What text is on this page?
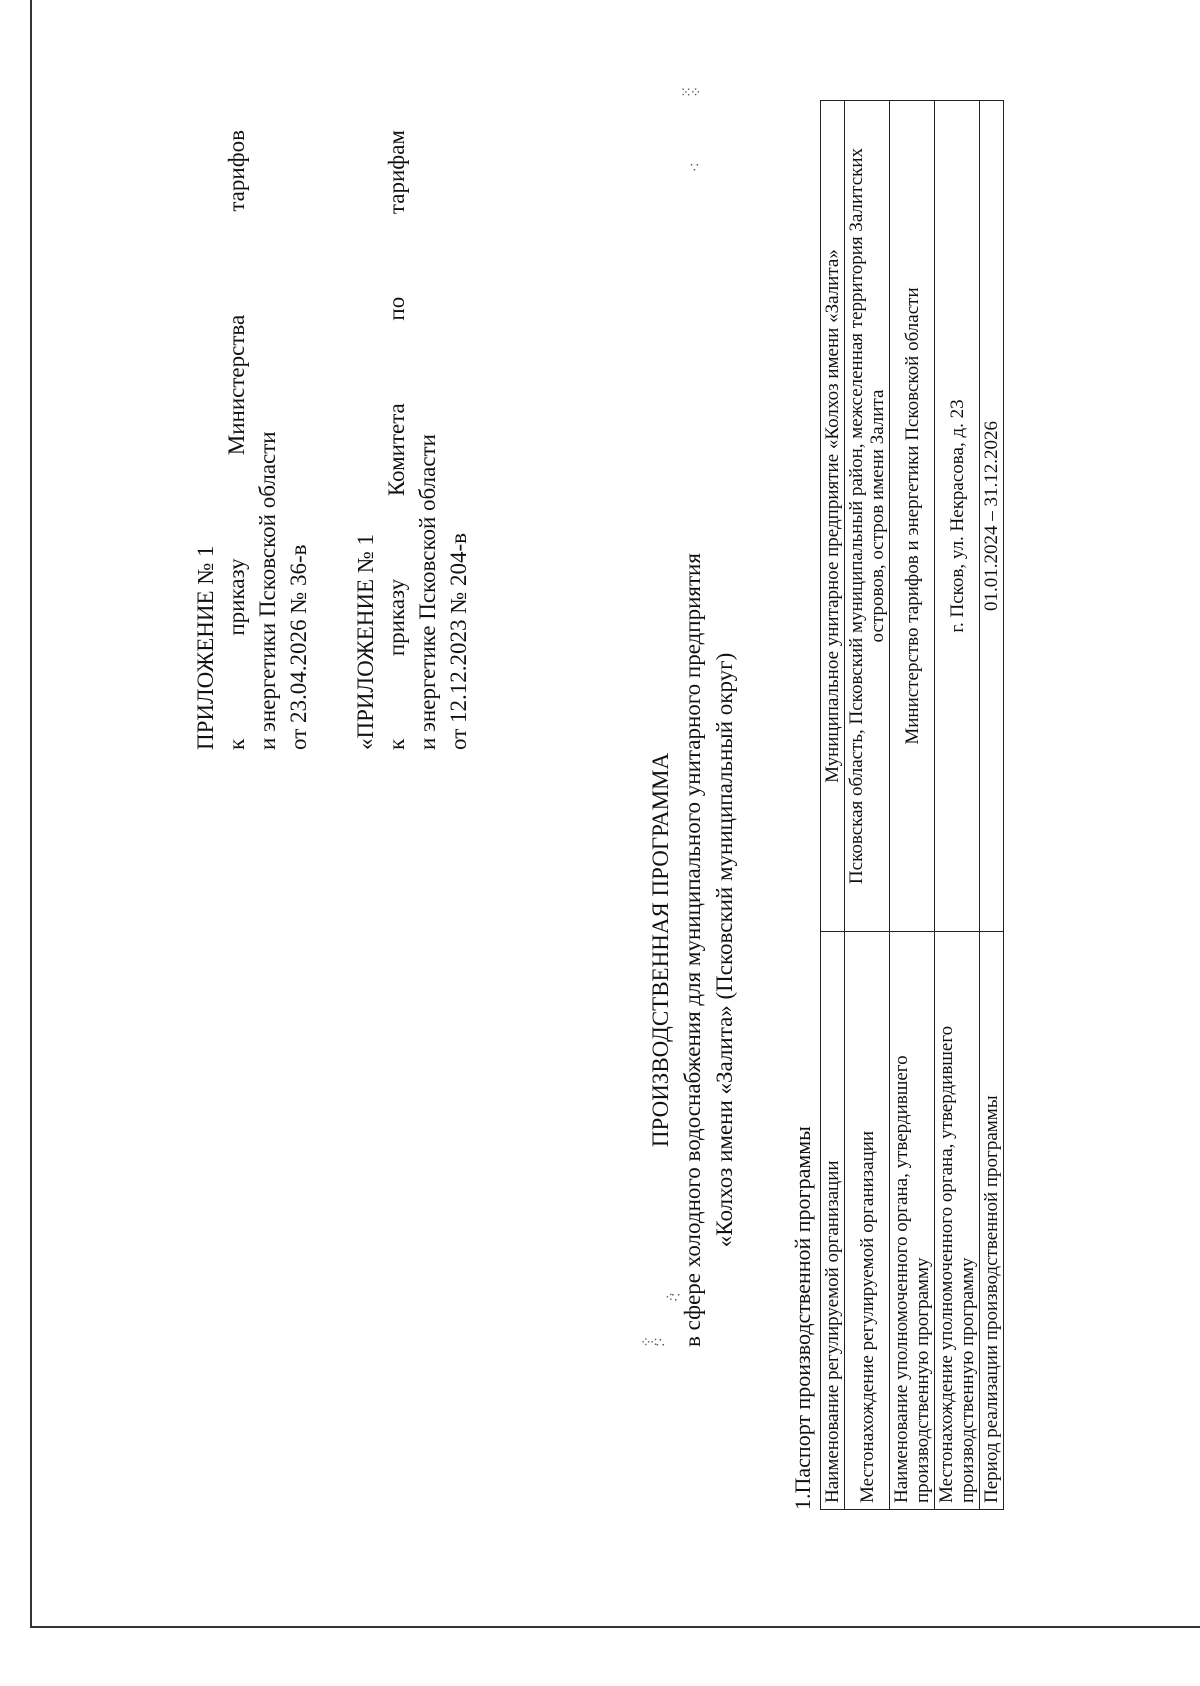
ПРИЛОЖЕНИЕ № 1 к
приказу
Министерства
тарифов
и энергетики Псковской области от 23.04.2026 № 36-в «ПРИЛОЖЕНИЕ № 1 к
приказу
Комитета
по
тарифам
и энергетике Псковской области от 12.12.2023 № 204-в
ПРОИЗВОДСТВЕННАЯ ПРОГРАММА в сфере холодного водоснабжения для муниципального унитарного предприятия «Колхоз имени «Залита» (Псковский муниципальный округ)
1.Паспорт производственной программы Наименование регулируемой организации	Муниципальное унитарное предприятие «Колхоз имени «Залита»
Местонахождение регулируемой организации	Псковская область, Псковский муниципальный район, межселенная территория Залитских островов, остров имени Залита
Наименование уполномоченного органа, утвердившего производственную программу	Министерство тарифов и энергетики Псковской области
Местонахождение уполномоченного органа, утвердившего производственную программу	г. Псков, ул. Некрасова, д. 23
Период реализации производственной программы	01.01.2024 – 31.12.2026
⁘⁖∴
⁖∵
⁙⁘
∵
